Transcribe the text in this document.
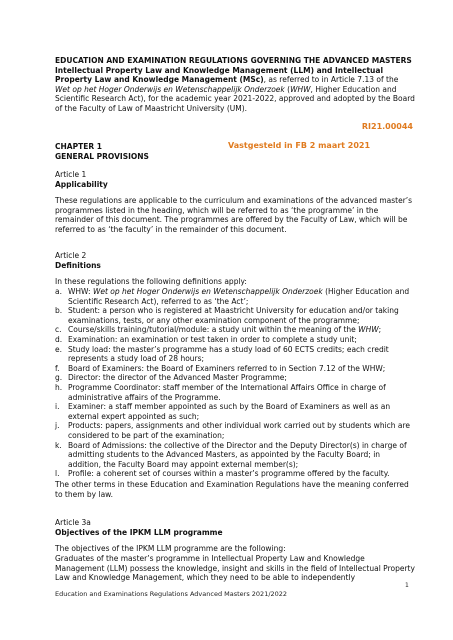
EDUCATION AND EXAMINATION REGULATIONS GOVERNING THE ADVANCED MASTERS Intellectual Property Law and Knowledge Management (LLM) and Intellectual Property Law and Knowledge Management (MSc), as referred to in Article 7.13 of the Wet op het Hoger Onderwijs en Wetenschappelijk Onderzoek (WHW, Higher Education and Scientific Research Act), for the academic year 2021-2022, approved and adopted by the Board of the Faculty of Law of Maastricht University (UM).

RI21.00044
CHAPTER 1
GENERAL PROVISIONS
Vastgesteld in FB 2 maart 2021
Article 1
Applicability

These regulations are applicable to the curriculum and examinations of the advanced master’s programmes listed in the heading, which will be referred to as ‘the programme’ in the remainder of this document. The programmes are offered by the Faculty of Law, which will be referred to as ‘the faculty’ in the remainder of this document.

Article 2
Definitions
In these regulations the following definitions apply:
a. WHW: Wet op het Hoger Onderwijs en Wetenschappelijk Onderzoek (Higher Education and Scientific Research Act), referred to as ‘the Act’;
b. Student: a person who is registered at Maastricht University for education and/or taking examinations, tests, or any other examination component of the programme;
c. Course/skills training/tutorial/module: a study unit within the meaning of the WHW;
d. Examination: an examination or test taken in order to complete a study unit;
e. Study load: the master’s programme has a study load of 60 ECTS credits; each credit represents a study load of 28 hours;
f. Board of Examiners: the Board of Examiners referred to in Section 7.12 of the WHW;
g. Director: the director of the Advanced Master Programme;
h. Programme Coordinator: staff member of the International Affairs Office in charge of administrative affairs of the Programme.
i. Examiner: a staff member appointed as such by the Board of Examiners as well as an external expert appointed as such;
j. Products: papers, assignments and other individual work carried out by students which are considered to be part of the examination;
k. Board of Admissions: the collective of the Director and the Deputy Director(s) in charge of admitting students to the Advanced Masters, as appointed by the Faculty Board; in addition, the Faculty Board may appoint external member(s);
l. Profile: a coherent set of courses within a master’s programme offered by the faculty.

The other terms in these Education and Examination Regulations have the meaning conferred to them by law.

Article 3a
Objectives of the IPKM LLM programme
The objectives of the IPKM LLM programme are the following:

Graduates of the master’s programme in Intellectual Property Law and Knowledge Management (LLM) possess the knowledge, insight and skills in the field of Intellectual Property Law and Knowledge Management, which they need to be able to independently

1
Education and Examinations Regulations Advanced Masters 2021/2022
